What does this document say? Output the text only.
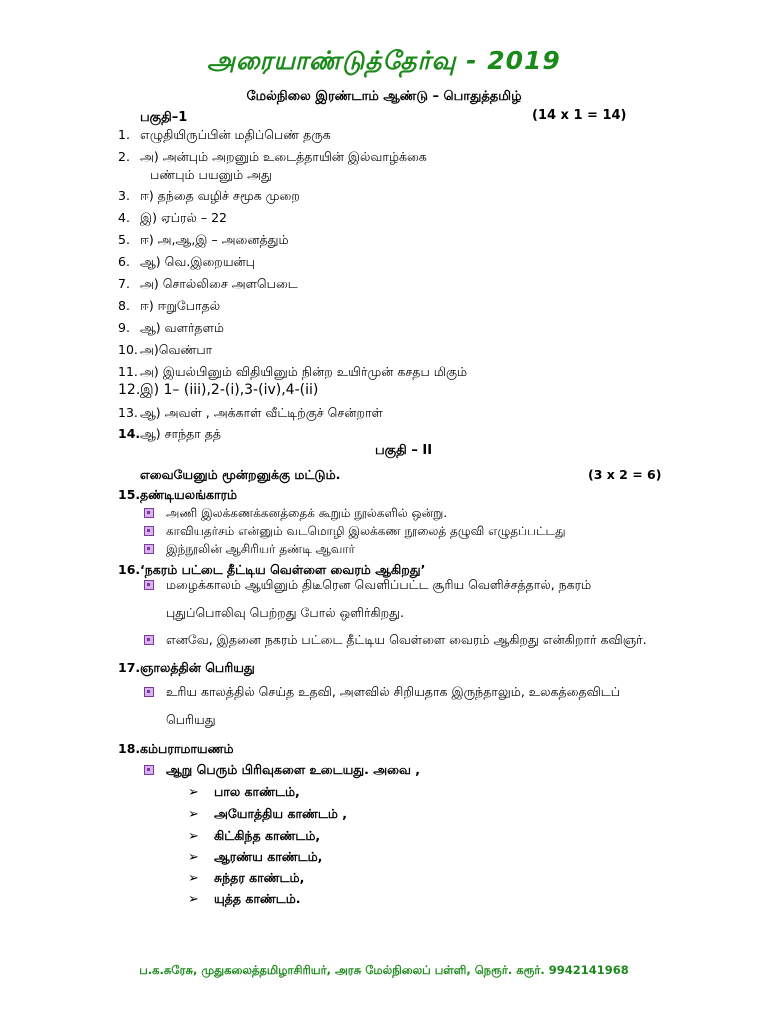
அரையாண்டுத்தேர்வு - 2019
மேல்நிலை இரண்டாம் ஆண்டு – பொதுத்தமிழ்
பகுதி–1	(14 x 1 = 14)
1. எழுதியிருப்பின் மதிப்பெண் தருக
2. அ) அன்பும் அறனும் உடைத்தாயின் இல்வாழ்க்கை
பண்பும் பயனும் அது
3. ஈ) தந்தை வழிச் சமூக முறை
4. இ) ஏப்ரல் – 22
5. ஈ) அ,ஆ,இ – அனைத்தும்
6. ஆ) வெ.இறையன்பு
7. அ) சொல்லிசை அளபெடை
8. ஈ) ஈறுபோதல்
9. ஆ) வளர்தளம்
10. அ)வெண்பா
11. அ) இயல்பினும் விதியினும் நின்ற உயிர்முன் கசதப மிகும்
12.இ) 1– (iii),2-(i),3-(iv),4-(ii)
13. ஆ) அவள் , அக்காள் வீட்டிற்குச் சென்றாள்
14.ஆ) சாந்தா தத்
பகுதி – II
எவையேனும் மூன்றனுக்கு மட்டும்.	(3 x 2 = 6)
15.தண்டியலங்காரம்
அணி இலக்கணக்கனத்தைக் கூறும் நூல்களில் ஒன்று.
காவியதர்சம் என்னும் வடமொழி இலக்கண நூலைத் தழுவி எழுதப்பட்டது
இந்நூலின் ஆசிரியர் தண்டி ஆவார்
16.‘நகரம் பட்டை தீட்டிய வெள்ளை வைரம் ஆகிறது’
மழைக்காலம் ஆயினும் திடீரென வெளிப்பட்ட சூரிய வெளிச்சத்தால், நகரம்
புதுப்பொலிவு பெற்றது போல் ஒளிர்கிறது.
எனவே, இதனை நகரம் பட்டை தீட்டிய வெள்ளை வைரம் ஆகிறது என்கிறார் கவிஞர்.
17.ஞாலத்தின் பெரியது
உரிய காலத்தில் செய்த உதவி, அளவில் சிறியதாக இருந்தாலும், உலகத்தைவிடப்
பெரியது
18.கம்பராமாயணம்
ஆறு பெரும் பிரிவுகளை உடையது. அவை ,
➢ பால காண்டம்,
➢ அயோத்திய காண்டம் ,
➢ கிட்கிந்த காண்டம்,
➢ ஆரண்ய காண்டம்,
➢ சுந்தர காண்டம்,
➢ யுத்த காண்டம்.
ப.க.சுரேசு, முதுகலைத்தமிழாசிரியர், அரசு மேல்நிலைப் பள்ளி, நெரூர். கரூர். 9942141968
